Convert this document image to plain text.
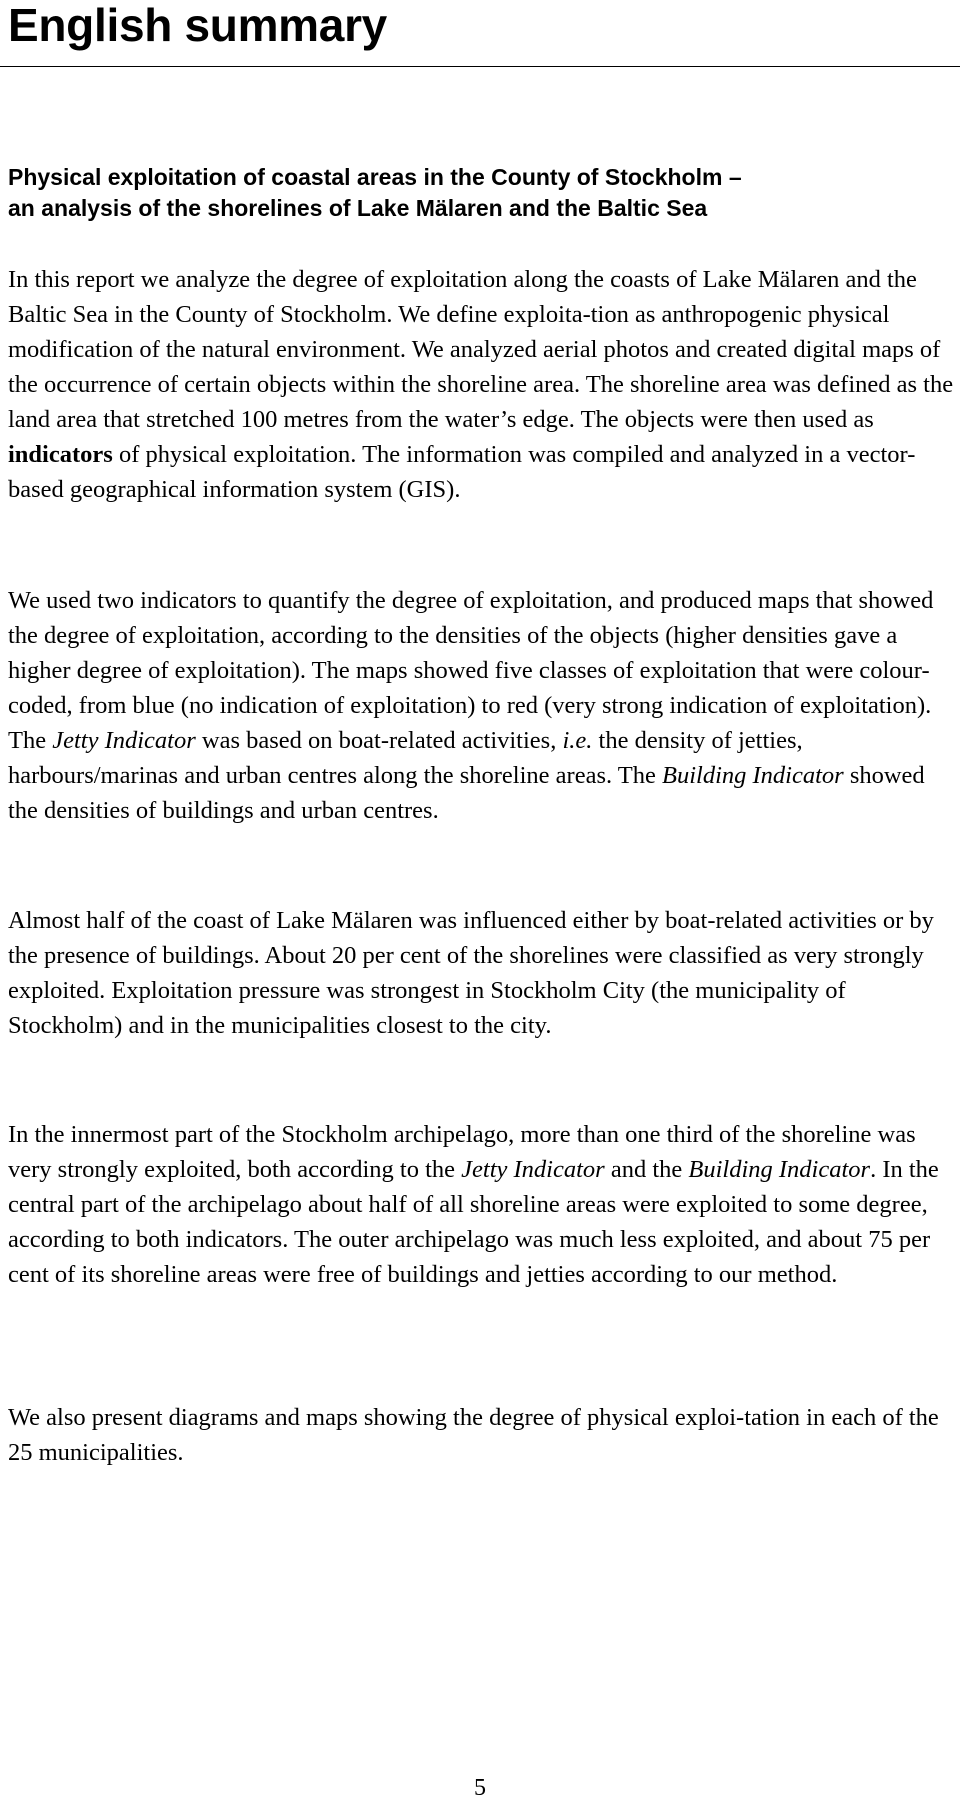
English summary
Physical exploitation of coastal areas in the County of Stockholm –
an analysis of the shorelines of Lake Mälaren and the Baltic Sea

In this report we analyze the degree of exploitation along the coasts of Lake Mälaren and the Baltic Sea in the County of Stockholm. We define exploita-tion as anthropogenic physical modification of the natural environment. We analyzed aerial photos and created digital maps of the occurrence of certain objects within the shoreline area. The shoreline area was defined as the land area that stretched 100 metres from the water’s edge. The objects were then used as indicators of physical exploitation. The information was compiled and analyzed in a vector-based geographical information system (GIS).

We used two indicators to quantify the degree of exploitation, and produced maps that showed the degree of exploitation, according to the densities of the objects (higher densities gave a higher degree of exploitation). The maps showed five classes of exploitation that were colour-coded, from blue (no indication of exploitation) to red (very strong indication of exploitation). The Jetty Indicator was based on boat-related activities, i.e. the density of jetties, harbours/marinas and urban centres along the shoreline areas. The Building Indicator showed the densities of buildings and urban centres.

Almost half of the coast of Lake Mälaren was influenced either by boat-related activities or by the presence of buildings. About 20 per cent of the shorelines were classified as very strongly exploited. Exploitation pressure was strongest in Stockholm City (the municipality of Stockholm) and in the municipalities closest to the city.

In the innermost part of the Stockholm archipelago, more than one third of the shoreline was very strongly exploited, both according to the Jetty Indicator and the Building Indicator. In the central part of the archipelago about half of all shoreline areas were exploited to some degree, according to both indicators. The outer archipelago was much less exploited, and about 75 per cent of its shoreline areas were free of buildings and jetties according to our method.

We also present diagrams and maps showing the degree of physical exploi-tation in each of the 25 municipalities.

5
